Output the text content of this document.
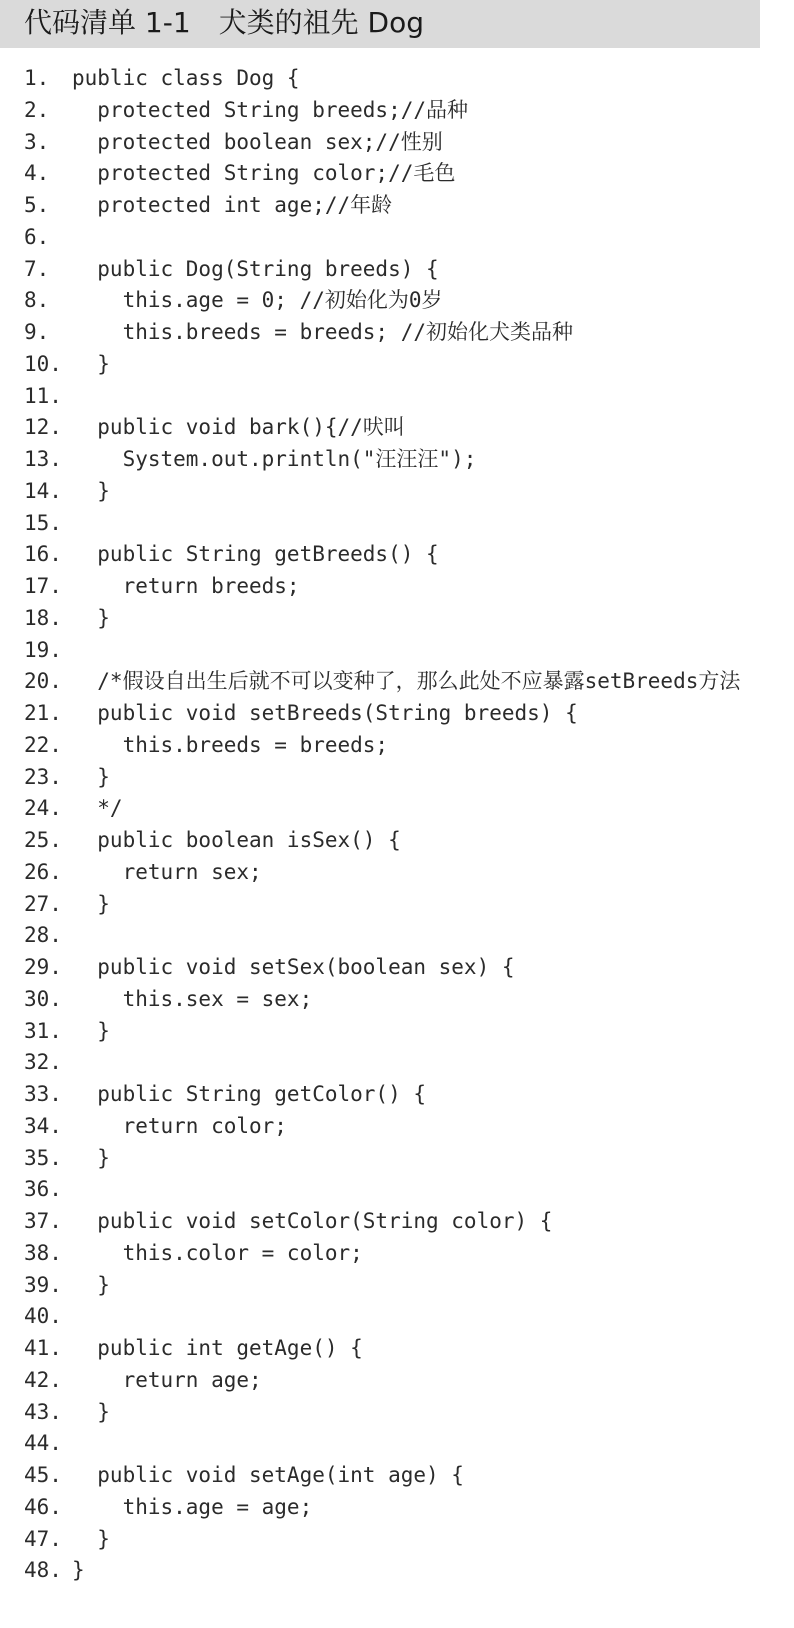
代码清单 1-1　犬类的祖先 Dog
1. public class Dog {
2.  protected String breeds;//品种
3.  protected boolean sex;//性别
4.  protected String color;//毛色
5.  protected int age;//年龄
6.
7.  public Dog(String breeds) {
8.    this.age = 0; //初始化为0岁
9.    this.breeds = breeds; //初始化犬类品种
10.  }
11.
12.  public void bark(){//吠叫
13.    System.out.println("汪汪汪");
14.  }
15.
16.  public String getBreeds() {
17.    return breeds;
18.  }
19.
20.  /*假设自出生后就不可以变种了，那么此处不应暴露setBreeds方法
21.  public void setBreeds(String breeds) {
22.    this.breeds = breeds;
23.  }
24.  */
25.  public boolean isSex() {
26.    return sex;
27.  }
28.
29.  public void setSex(boolean sex) {
30.    this.sex = sex;
31.  }
32.
33.  public String getColor() {
34.    return color;
35.  }
36.
37.  public void setColor(String color) {
38.    this.color = color;
39.  }
40.
41.  public int getAge() {
42.    return age;
43.  }
44.
45.  public void setAge(int age) {
46.    this.age = age;
47.  }
48. }
